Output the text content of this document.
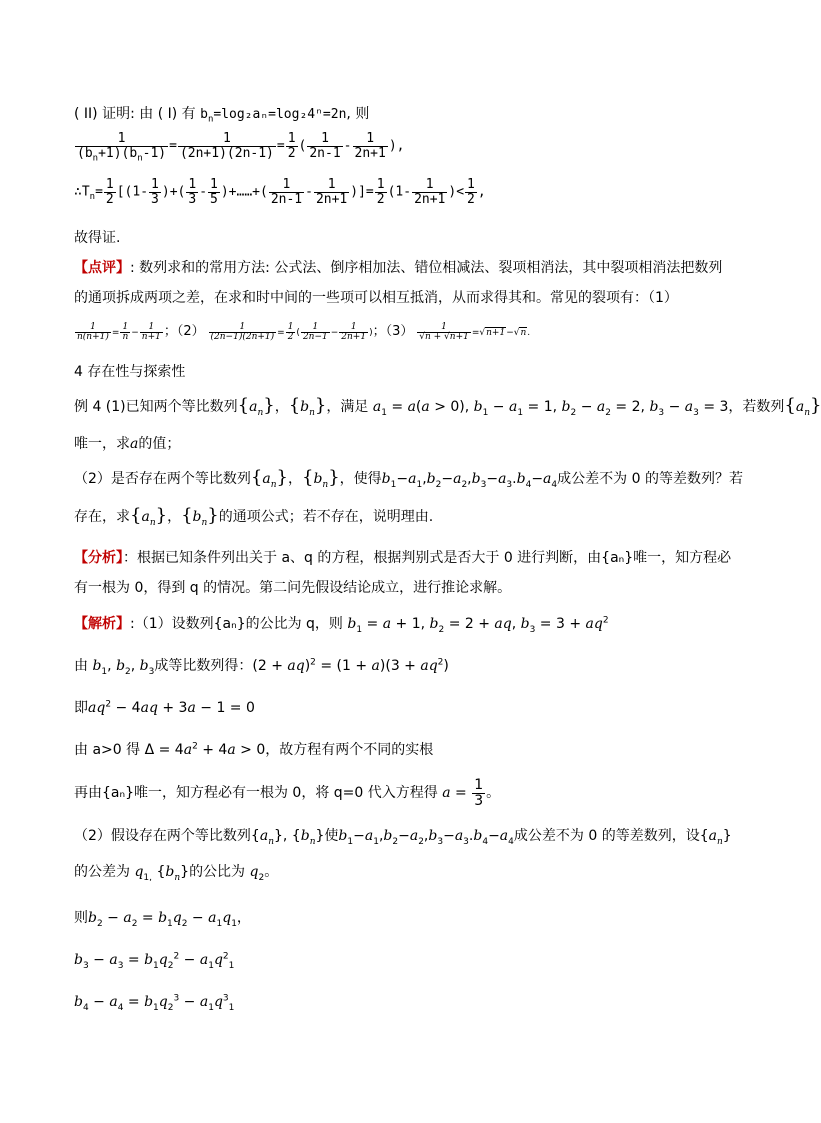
( II) 证明: 由 ( I) 有 $b_n=\log_2a_n=\log_24^n=2n$, 则
$\frac{1}{(b_n+1)(b_n-1)} = \frac{1}{(2n+1)(2n-1)} = \frac{1}{2}$ ( $\frac{1}{2n-1} - \frac{1}{2n+1}$ ),
$\therefore T_n= \frac{1}{2} [(1- \frac{1}{3}$ )+( $\frac{1}{3} - \frac{1}{5}$ )+……+( $\frac{1}{2n-1} - \frac{1}{2n+1}$ )]= $\frac{1}{2} (1- \frac{1}{2n+1}$ )< $\frac{1}{2}$ ,
故得证.
【点评】: 数列求和的常用方法: 公式法、倒序相加法、错位相减法、裂项相消法，其中裂项相消法把数列
的通项拆成两项之差，在求和时中间的一些项可以相互抵消，从而求得其和。常见的裂项有：（1）
$\frac{1}{n(n+1)} = \frac{1}{n} - \frac{1}{n+1}$ ；$(2) \frac{1}{(2n-1)(2n+1)} = \frac{1}{2}$ ( $\frac{1}{2n-1} - \frac{1}{2n+1}$ )；$(3) \frac{1}{√n + √n+1} =√n+1-√n$.
4 存在性与探索性
例 4 (1)已知两个等比数列$\{a_n\}$，$\{b_n\}$，满足 $a_1 = a(a > 0)$, $b_1 - a_1 = 1$, $b_2 - a_2 = 2$, $b_3 - a_3 = 3$，若数列$\{a_n\}$
唯一，求a的值；
（2）是否存在两个等比数列$\{a_n\}$，$\{b_n\}$，使得$b_1-a_1,b_2-a_2,b_3-a_3.b_4-a_4$成公差不为 0 的等差数列？若
存在，求$\{a_n\}$，$\{b_n\}$的通项公式；若不存在，说明理由.
【分析】：根据已知条件列出关于 a、q 的方程，根据判别式是否大于 0 进行判断，由{aₙ}唯一，知方程必
有一根为 0，得到 q 的情况。第二问先假设结论成立，进行推论求解。
【解析】:（1）设数列{aₙ}的公比为 q，则 $b_1 = a + 1$, $b_2 = 2$ + aq, $b_3 = 3 + aq^2$
由 $b_1$, $b_2$, $b_3$成等比数列得：$(2 + aq)^2 = (1 + a)(3 + aq^2)$
即$aq^2 - 4aq + 3a - 1 = 0$
由 a>0 得 $\Delta = 4a^2 + 4a > 0$，故方程有两个不同的实根
再由{aₙ}唯一，知方程必有一根为 0，将 q=0 代入方程得 $a = \frac{1}{3}$ 。
（2）假设存在两个等比数列$\{a_n\}$, $\{b_n\}$使$b_1-a_1,b_2-a_2,b_3-a_3.b_4-a_4$成公差不为 0 的等差数列，设$\{a_n\}$
的公差为 $q_{1,}$ $\{b_n\}$的公比为 $q_2$。
则$b_2 - a_2 = b_1q_2 - a_1q_1$，
$b_3 - a_3 = b_1q_2^2 - a_1q^2_1$
$b_4 - a_4 = b_1q_2^3 - a_1q^3_1$
